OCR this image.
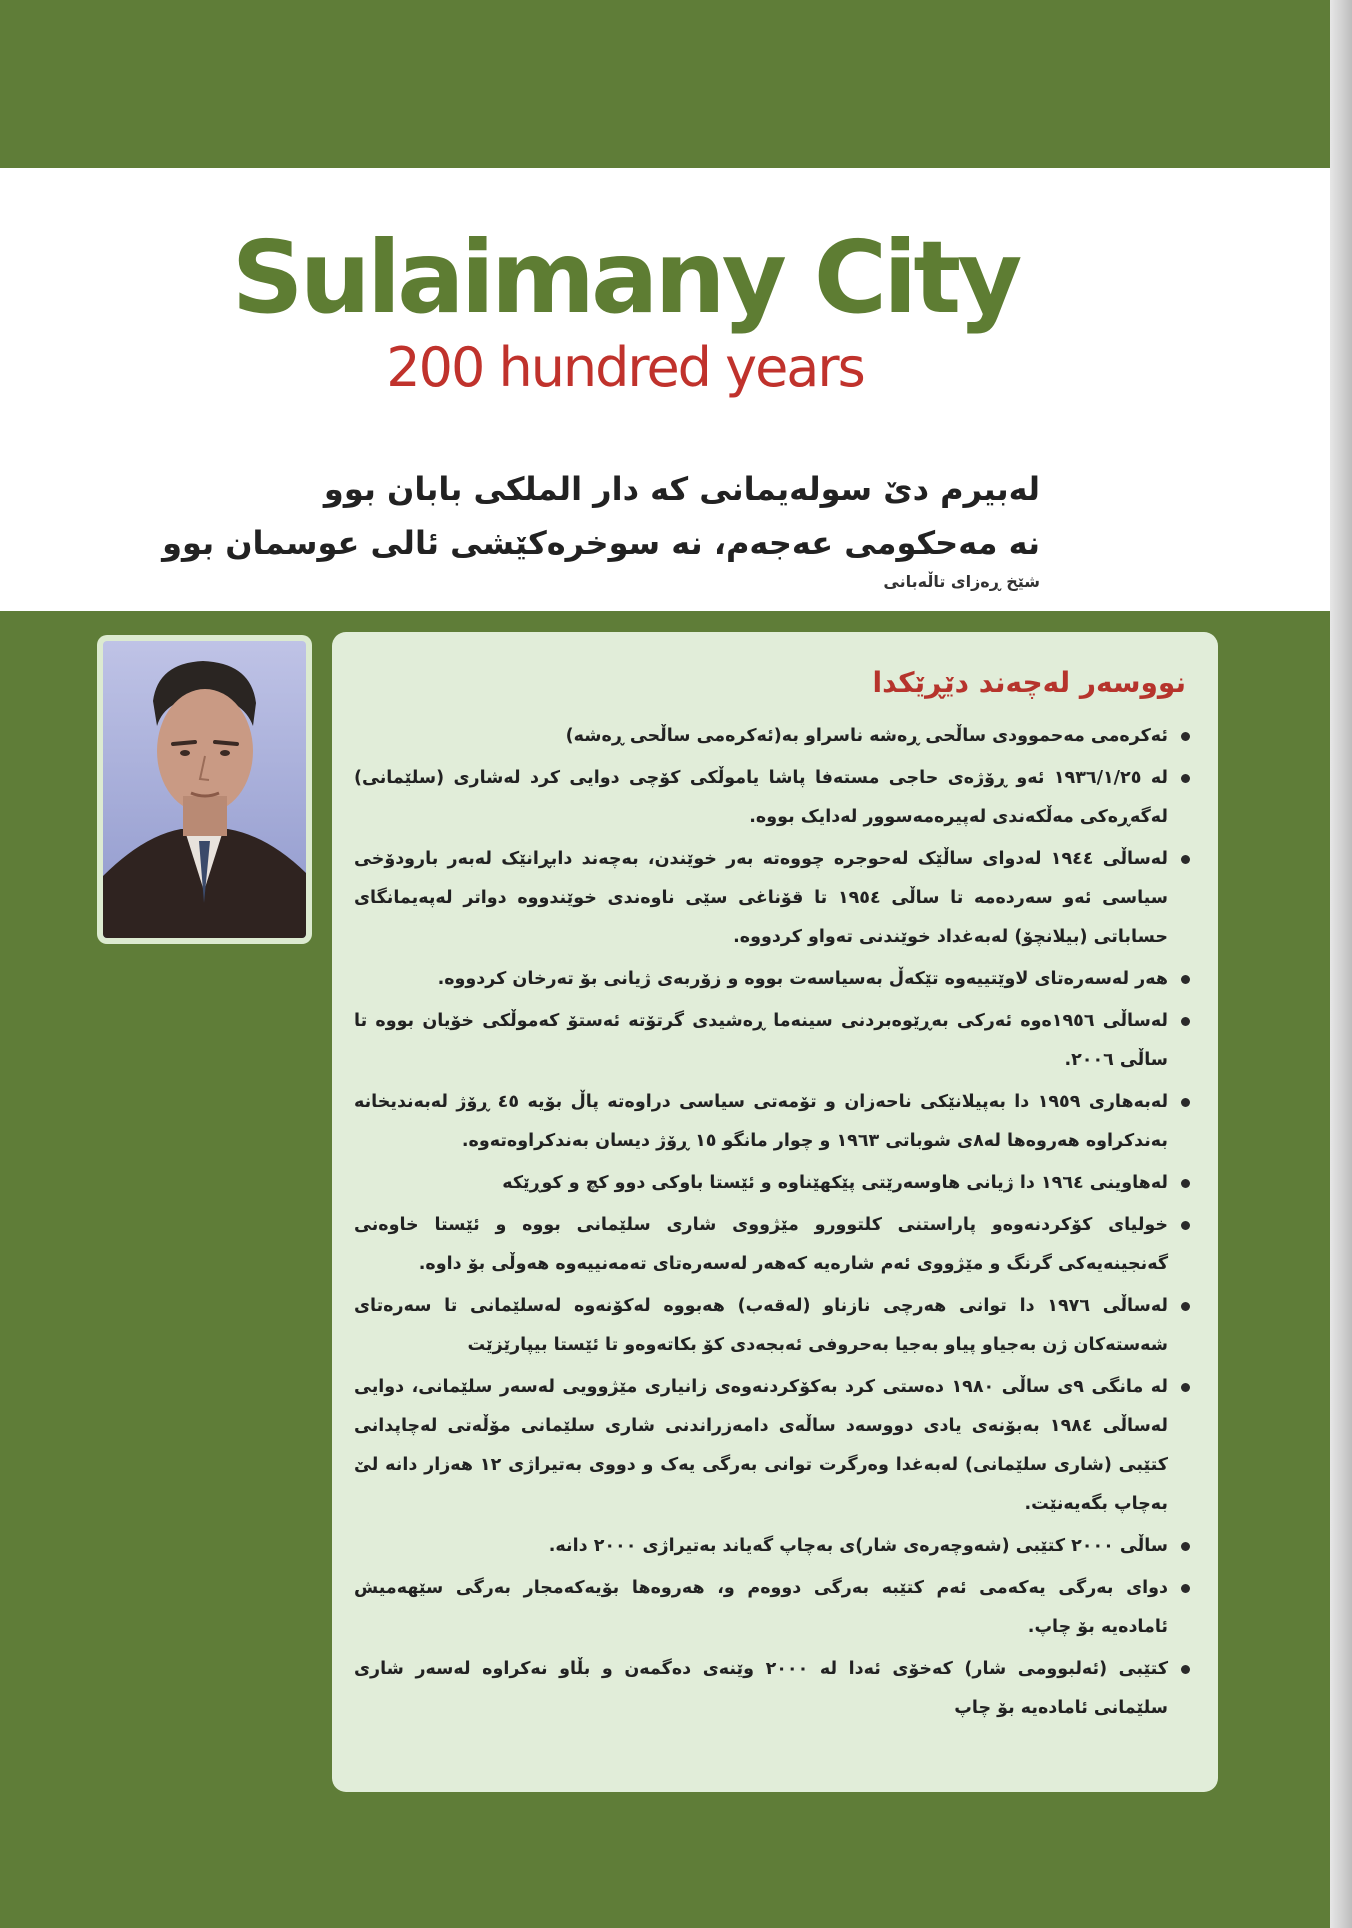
Sulaimany City
200 hundred years
لەبیرم دێ سولەیمانی کە دار الملکی بابان بوو
نە مەحکومی عەجەم، نە سوخرەکێشی ئالی عوسمان بوو
شێخ ڕەزای تاڵەبانی
نووسەر لەچەند دێڕێکدا
ئەکرەمی مەحموودی ساڵحی ڕەشە ناسراو بە(ئەکرەمی ساڵحی ڕەشە)
لە ۱۹۳٦/۱/۲٥ ئەو ڕۆژەی حاجی مستەفا پاشا یاموڵکی کۆچی دوایی کرد لەشاری (سلێمانی) لەگەڕەکی مەڵکەندی لەپیرەمەسوور لەدایک بووە.
لەساڵی ۱۹٤٤ لەدوای ساڵێک لەحوجرە چووەتە بەر خوێندن، بەچەند دابڕانێک لەبەر بارودۆخی سیاسی ئەو سەردەمە تا ساڵی ۱۹٥٤ تا قۆناغی سێی ناوەندی خوێندووە دواتر لەپەیمانگای حساباتی (بیلانچۆ) لەبەغداد خوێندنی تەواو کردووە.
هەر لەسەرەتای لاوێتییەوە تێکەڵ بەسیاسەت بووە و زۆربەی ژیانی بۆ تەرخان کردووە.
لەساڵی ۱۹٥٦ەوە ئەرکی بەڕێوەبردنی سینەما ڕەشیدی گرتۆتە ئەستۆ کەموڵکی خۆیان بووە تا ساڵی ۲۰۰٦.
لەبەهاری ۱۹٥۹ دا بەپیلانێکی ناحەزان و تۆمەتی سیاسی دراوەتە پاڵ بۆیە ٤٥ ڕۆژ لەبەندیخانە بەندکراوە هەروەها لە۸ی شوباتی ۱۹٦۳ و چوار مانگو ۱٥ ڕۆژ دیسان بەندکراوەتەوە.
لەهاوینی ۱۹٦٤ دا ژیانی هاوسەرێتی پێکهێناوە و ئێستا باوکی دوو کچ و کوڕێکە
خولیای کۆکردنەوەو پاراستنی کلتوورو مێژووی شاری سلێمانی بووە و ئێستا خاوەنی گەنجینەیەکی گرنگ و مێژووی ئەم شارەیە کەهەر لەسەرەتای تەمەنییەوە هەوڵی بۆ داوە.
لەساڵی ۱۹۷٦ دا توانی هەرچی نازناو (لەقەب) هەبووە لەکۆنەوە لەسلێمانی تا سەرەتای شەستەکان ژن بەجیاو پیاو بەجیا بەحروفی ئەبجەدی کۆ بکاتەوەو تا ئێستا بیپارێزێت
لە مانگی ۹ی ساڵی ۱۹۸۰ دەستی کرد بەکۆکردنەوەی زانیاری مێژوویی لەسەر سلێمانی، دوایی لەساڵی ۱۹۸٤ بەبۆنەی یادی دووسەد ساڵەی دامەزراندنی شاری سلێمانی مۆڵەتی لەچاپدانی کتێبی (شاری سلێمانی) لەبەغدا وەرگرت توانی بەرگی یەک و دووی بەتیراژی ۱۲ هەزار دانە لێ بەچاپ بگەیەنێت.
ساڵی ۲۰۰۰ کتێبی (شەوچەرەی شار)ی بەچاپ گەیاند بەتیراژی ۲۰۰۰ دانە.
دوای بەرگی یەکەمی ئەم کتێبە بەرگی دووەم و، هەروەها بۆیەکەمجار بەرگی سێهەمیش ئامادەیە بۆ چاپ.
کتێبی (ئەلبوومی شار) کەخۆی ئەدا لە ۲۰۰۰ وێنەی دەگمەن و بڵاو نەکراوە لەسەر شاری سلێمانی ئامادەیە بۆ چاپ
